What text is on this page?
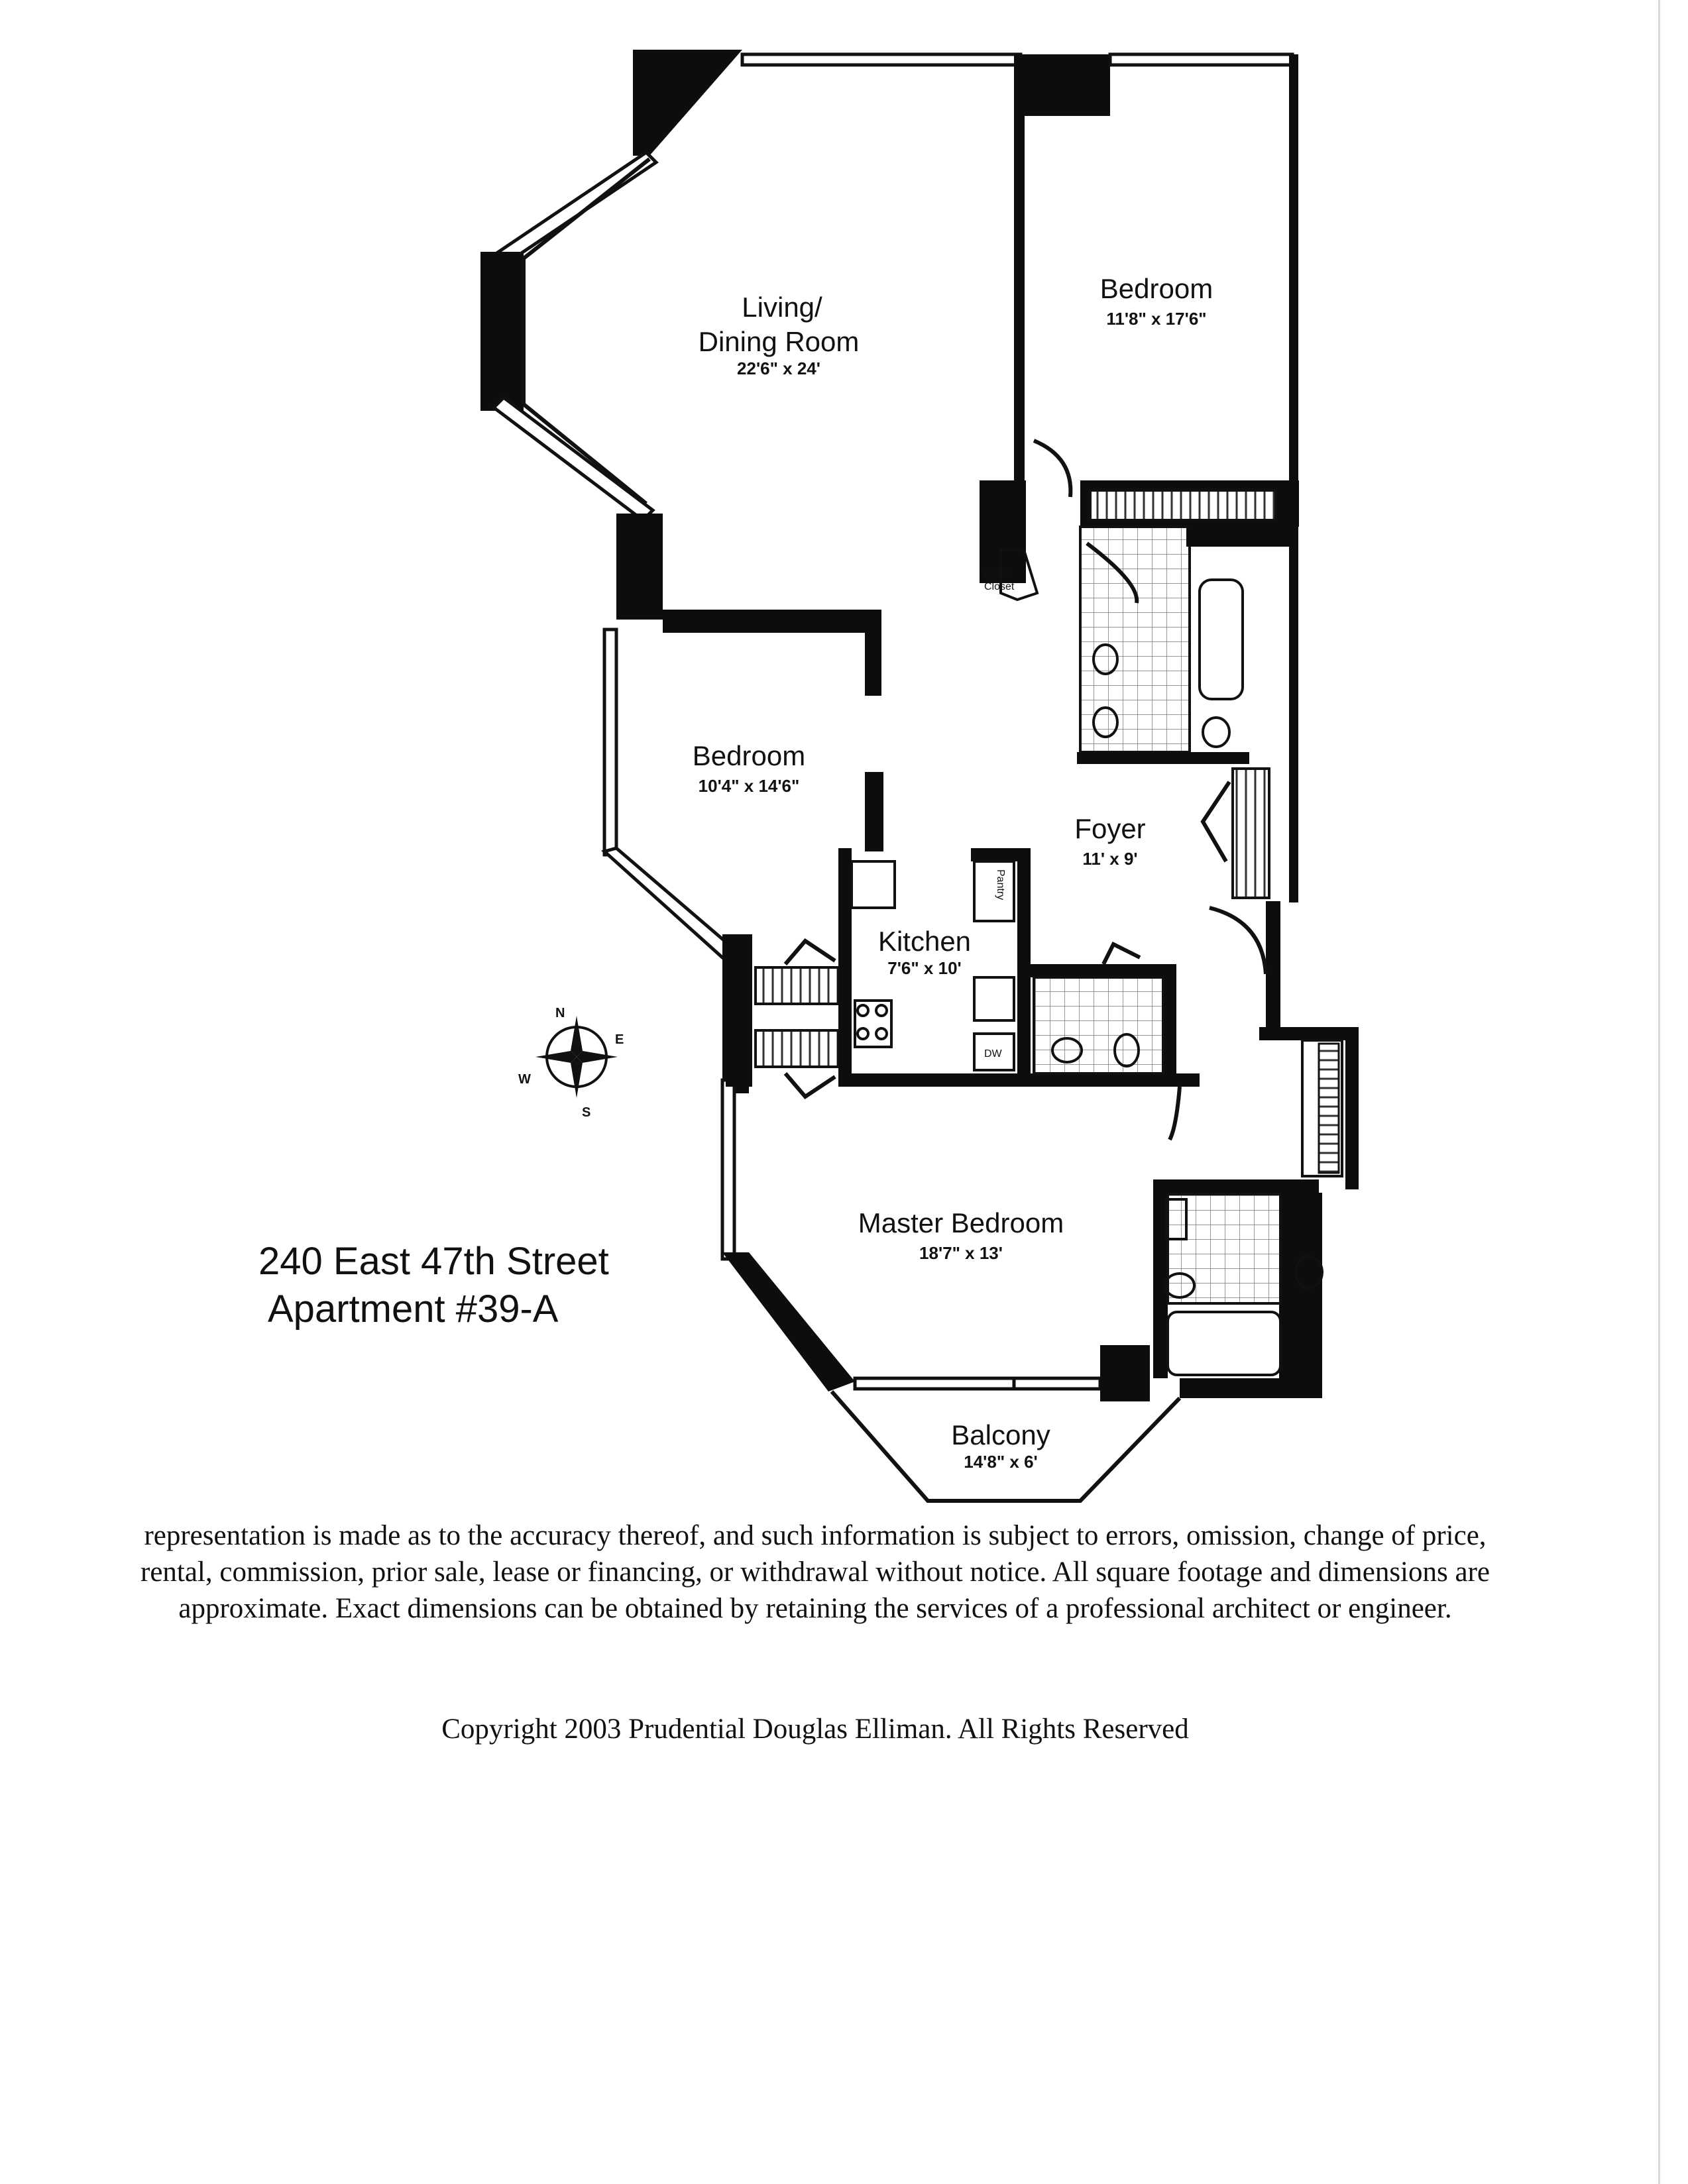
Linen
Closet
DW
Pantry
Living/
Dining Room
22'6" x 24'
Bedroom
11'8" x 17'6"
Bedroom
10'4" x 14'6"
Foyer
11' x 9'
Kitchen
7'6" x 10'
Master Bedroom
18'7" x 13'
Balcony
14'8" x 6'
N
E
S
W
240 East 47th Street
Apartment #39-A
representation is made as to the accuracy thereof, and such information is subject to errors, omission, change of price, rental, commission, prior sale, lease or financing, or withdrawal without notice. All square footage and dimensions are approximate. Exact dimensions can be obtained by retaining the services of a professional architect or engineer.
Copyright 2003 Prudential Douglas Elliman. All Rights Reserved
